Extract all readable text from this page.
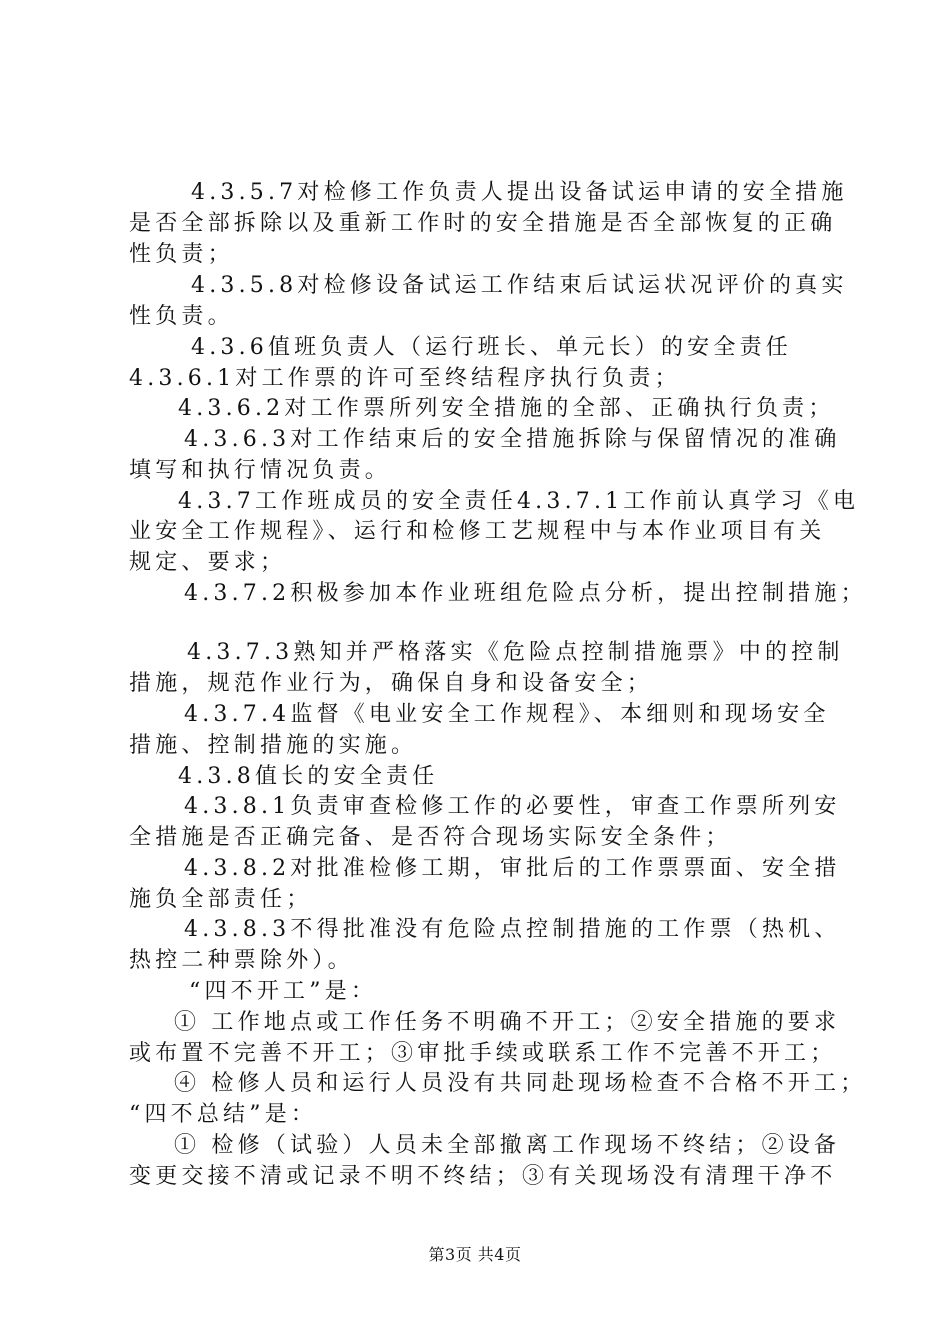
4.3.5.7对检修工作负责人提出设备试运申请的安全措施
是否全部拆除以及重新工作时的安全措施是否全部恢复的正确
性负责；
4.3.5.8对检修设备试运工作结束后试运状况评价的真实
性负责。
4.3.6值班负责人（运行班长、单元长）的安全责任
4.3.6.1对工作票的许可至终结程序执行负责；
4.3.6.2对工作票所列安全措施的全部、正确执行负责；
4.3.6.3对工作结束后的安全措施拆除与保留情况的准确
填写和执行情况负责。
4.3.7工作班成员的安全责任4.3.7.1工作前认真学习《电
业安全工作规程》、运行和检修工艺规程中与本作业项目有关
规定、要求；
4.3.7.2积极参加本作业班组危险点分析，提出控制措施；
4.3.7.3熟知并严格落实《危险点控制措施票》中的控制
措施，规范作业行为，确保自身和设备安全；
4.3.7.4监督《电业安全工作规程》、本细则和现场安全
措施、控制措施的实施。
4.3.8值长的安全责任
4.3.8.1负责审查检修工作的必要性，审查工作票所列安
全措施是否正确完备、是否符合现场实际安全条件；
4.3.8.2对批准检修工期，审批后的工作票票面、安全措
施负全部责任；
4.3.8.3不得批准没有危险点控制措施的工作票（热机、
热控二种票除外）。
“四不开工”是：
① 工作地点或工作任务不明确不开工；②安全措施的要求
或布置不完善不开工；③审批手续或联系工作不完善不开工；
④ 检修人员和运行人员没有共同赴现场检查不合格不开工；
“四不总结”是：
① 检修（试验）人员未全部撤离工作现场不终结；②设备
变更交接不清或记录不明不终结；③有关现场没有清理干净不
第3页 共4页
